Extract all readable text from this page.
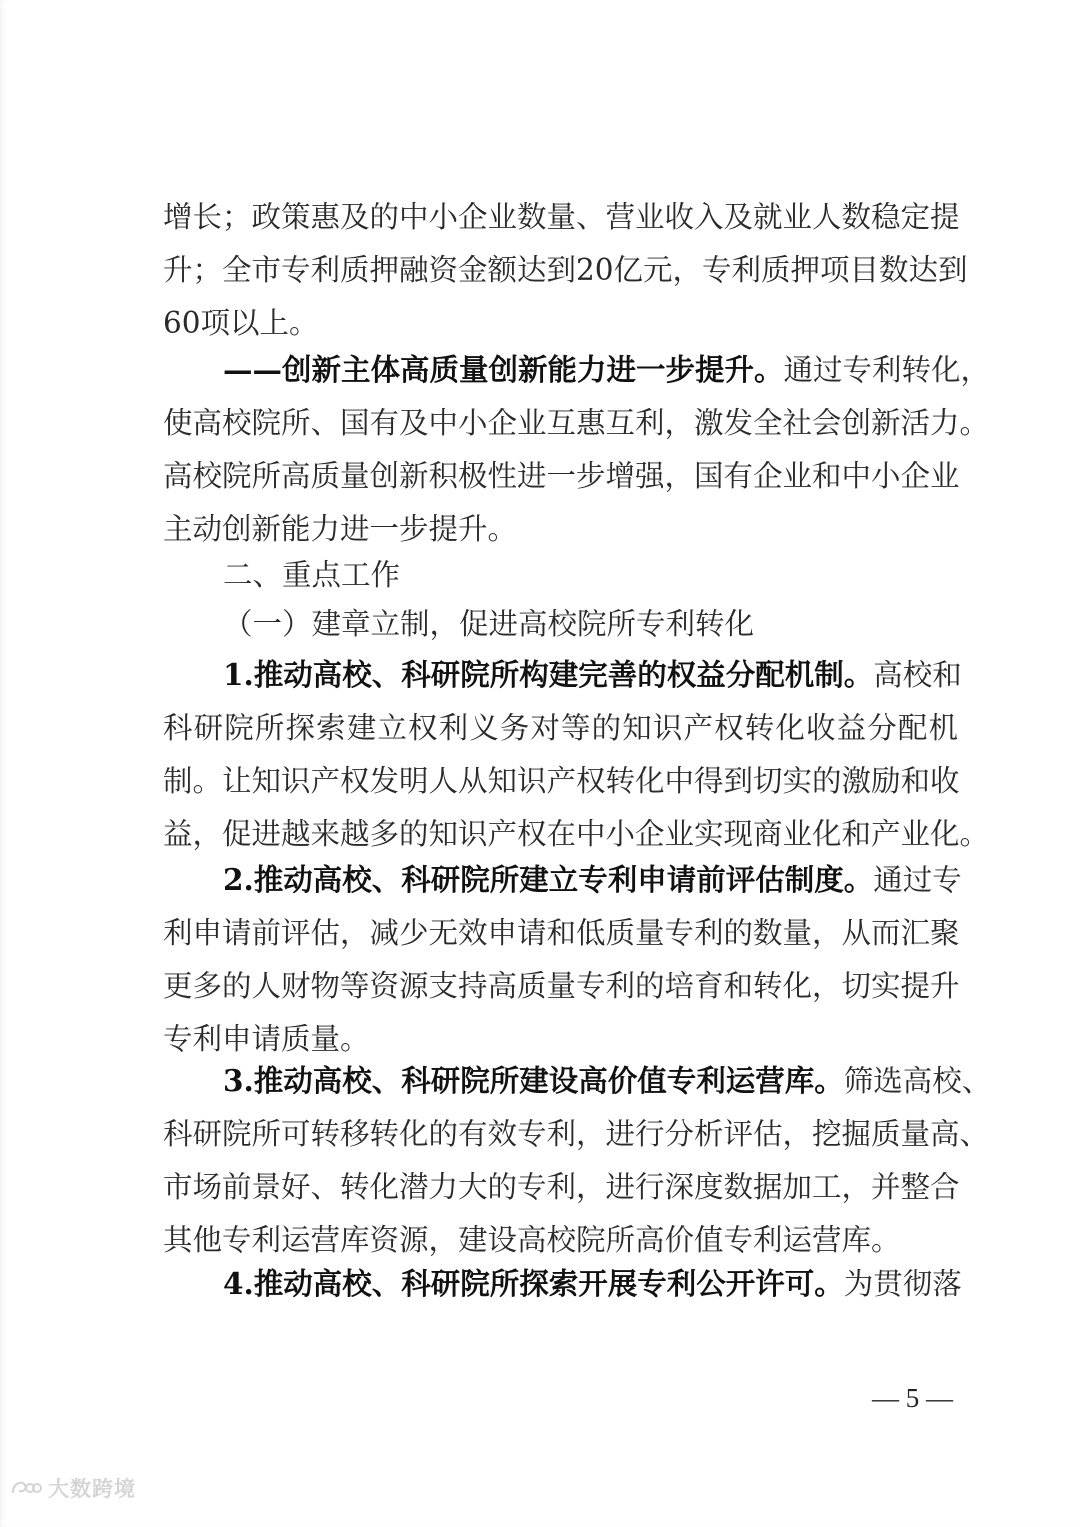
增长；政策惠及的中小企业数量、营业收入及就业人数稳定提
升；全市专利质押融资金额达到20亿元，专利质押项目数达到
60项以上。
——创新主体高质量创新能力进一步提升。通过专利转化，
使高校院所、国有及中小企业互惠互利，激发全社会创新活力。
高校院所高质量创新积极性进一步增强，国有企业和中小企业
主动创新能力进一步提升。
二、重点工作
（一）建章立制，促进高校院所专利转化
1.推动高校、科研院所构建完善的权益分配机制。高校和
科研院所探索建立权利义务对等的知识产权转化收益分配机
制。让知识产权发明人从知识产权转化中得到切实的激励和收
益，促进越来越多的知识产权在中小企业实现商业化和产业化。
2.推动高校、科研院所建立专利申请前评估制度。通过专
利申请前评估，减少无效申请和低质量专利的数量，从而汇聚
更多的人财物等资源支持高质量专利的培育和转化，切实提升
专利申请质量。
3.推动高校、科研院所建设高价值专利运营库。筛选高校、
科研院所可转移转化的有效专利，进行分析评估，挖掘质量高、
市场前景好、转化潜力大的专利，进行深度数据加工，并整合
其他专利运营库资源，建设高校院所高价值专利运营库。
4.推动高校、科研院所探索开展专利公开许可。为贯彻落
— 5 —
大数跨境
